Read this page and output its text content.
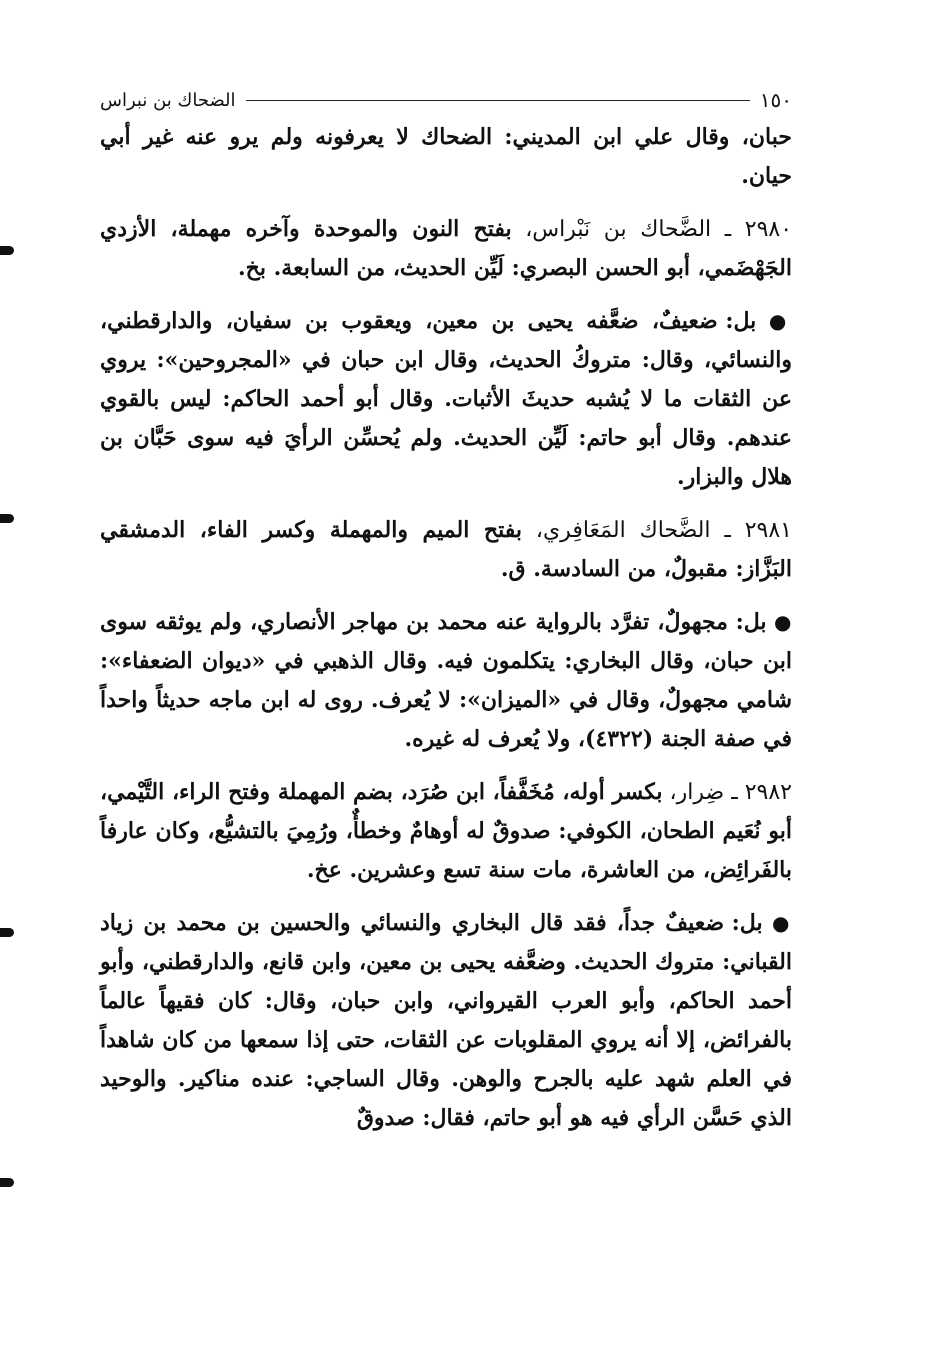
١٥٠
الضحاك بن نبراس

حبان، وقال علي ابن المديني: الضحاك لا يعرفونه ولم يرو عنه غير أبي حيان.

٢٩٨٠ ـ الضَّحاك بن نَبْراس، بفتح النون والموحدة وآخره مهملة، الأزدي الجَهْضَمي، أبو الحسن البصري: لَيِّن الحديث، من السابعة. بخ.

● بل: ضعيفٌ، ضعَّفه يحيى بن معين، ويعقوب بن سفيان، والدارقطني، والنسائي، وقال: متروكُ الحديث، وقال ابن حبان في «المجروحين»: يروي عن الثقات ما لا يُشبه حديثَ الأثبات. وقال أبو أحمد الحاكم: ليس بالقوي عندهم. وقال أبو حاتم: لَيِّن الحديث. ولم يُحسِّن الرأيَ فيه سوى حَبَّان بن هلال والبزار.

٢٩٨١ ـ الضَّحاك المَعَافِري، بفتح الميم والمهملة وكسر الفاء، الدمشقي البَزَّاز: مقبولٌ، من السادسة. ق.

● بل: مجهولٌ، تفرَّد بالرواية عنه محمد بن مهاجر الأنصاري، ولم يوثقه سوى ابن حبان، وقال البخاري: يتكلمون فيه. وقال الذهبي في «ديوان الضعفاء»: شامي مجهولٌ، وقال في «الميزان»: لا يُعرف. روى له ابن ماجه حديثاً واحداً في صفة الجنة (٤٣٢٢)، ولا يُعرف له غيره.

٢٩٨٢ ـ ضِرار، بكسر أوله، مُخَفَّفاً، ابن صُرَد، بضم المهملة وفتح الراء، التَّيْمي، أبو نُعَيم الطحان، الكوفي: صدوقٌ له أوهامٌ وخطأٌ، ورُمِيَ بالتشيُّع، وكان عارفاً بالفَرائِض، من العاشرة، مات سنة تسع وعشرين. عخ.

● بل: ضعيفٌ جداً، فقد قال البخاري والنسائي والحسين بن محمد بن زياد القباني: متروك الحديث. وضعَّفه يحيى بن معين، وابن قانع، والدارقطني، وأبو أحمد الحاكم، وأبو العرب القيرواني، وابن حبان، وقال: كان فقيهاً عالماً بالفرائض، إلا أنه يروي المقلوبات عن الثقات، حتى إذا سمعها من كان شاهداً في العلم شهد عليه بالجرح والوهن. وقال الساجي: عنده مناكير. والوحيد الذي حَسَّن الرأي فيه هو أبو حاتم، فقال: صدوقٌ
